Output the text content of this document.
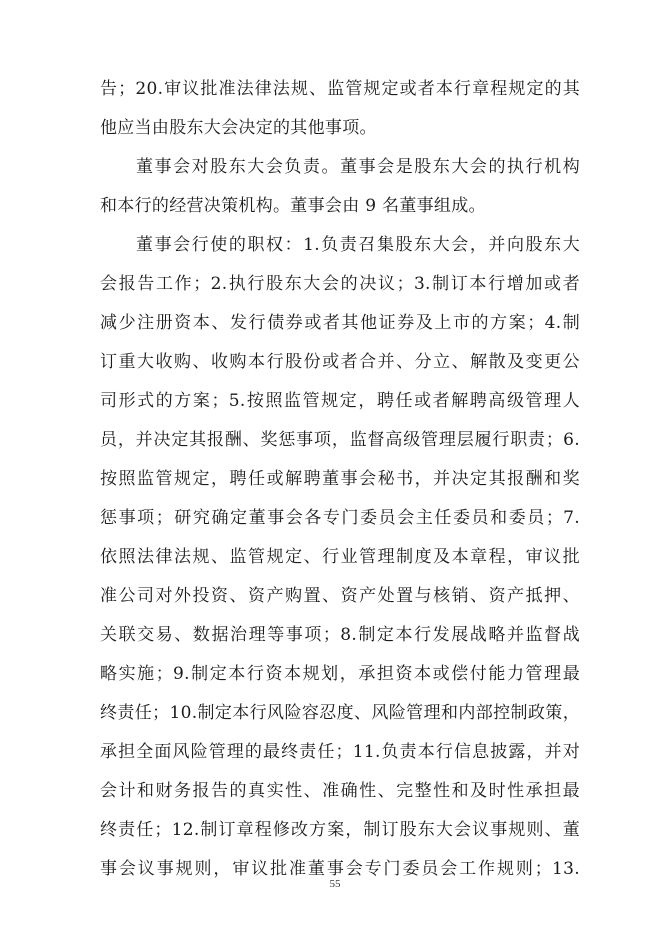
告；20.审议批准法律法规、监管规定或者本行章程规定的其
他应当由股东大会决定的其他事项。
董事会对股东大会负责。董事会是股东大会的执行机构
和本行的经营决策机构。董事会由 9 名董事组成。
董事会行使的职权：1.负责召集股东大会，并向股东大
会报告工作；2.执行股东大会的决议；3.制订本行增加或者
减少注册资本、发行债券或者其他证券及上市的方案；4.制
订重大收购、收购本行股份或者合并、分立、解散及变更公
司形式的方案；5.按照监管规定，聘任或者解聘高级管理人
员，并决定其报酬、奖惩事项，监督高级管理层履行职责；6.
按照监管规定，聘任或解聘董事会秘书，并决定其报酬和奖
惩事项；研究确定董事会各专门委员会主任委员和委员；7.
依照法律法规、监管规定、行业管理制度及本章程，审议批
准公司对外投资、资产购置、资产处置与核销、资产抵押、
关联交易、数据治理等事项；8.制定本行发展战略并监督战
略实施；9.制定本行资本规划，承担资本或偿付能力管理最
终责任；10.制定本行风险容忍度、风险管理和内部控制政策，
承担全面风险管理的最终责任；11.负责本行信息披露，并对
会计和财务报告的真实性、准确性、完整性和及时性承担最
终责任；12.制订章程修改方案，制订股东大会议事规则、董
事会议事规则，审议批准董事会专门委员会工作规则；13.
55
